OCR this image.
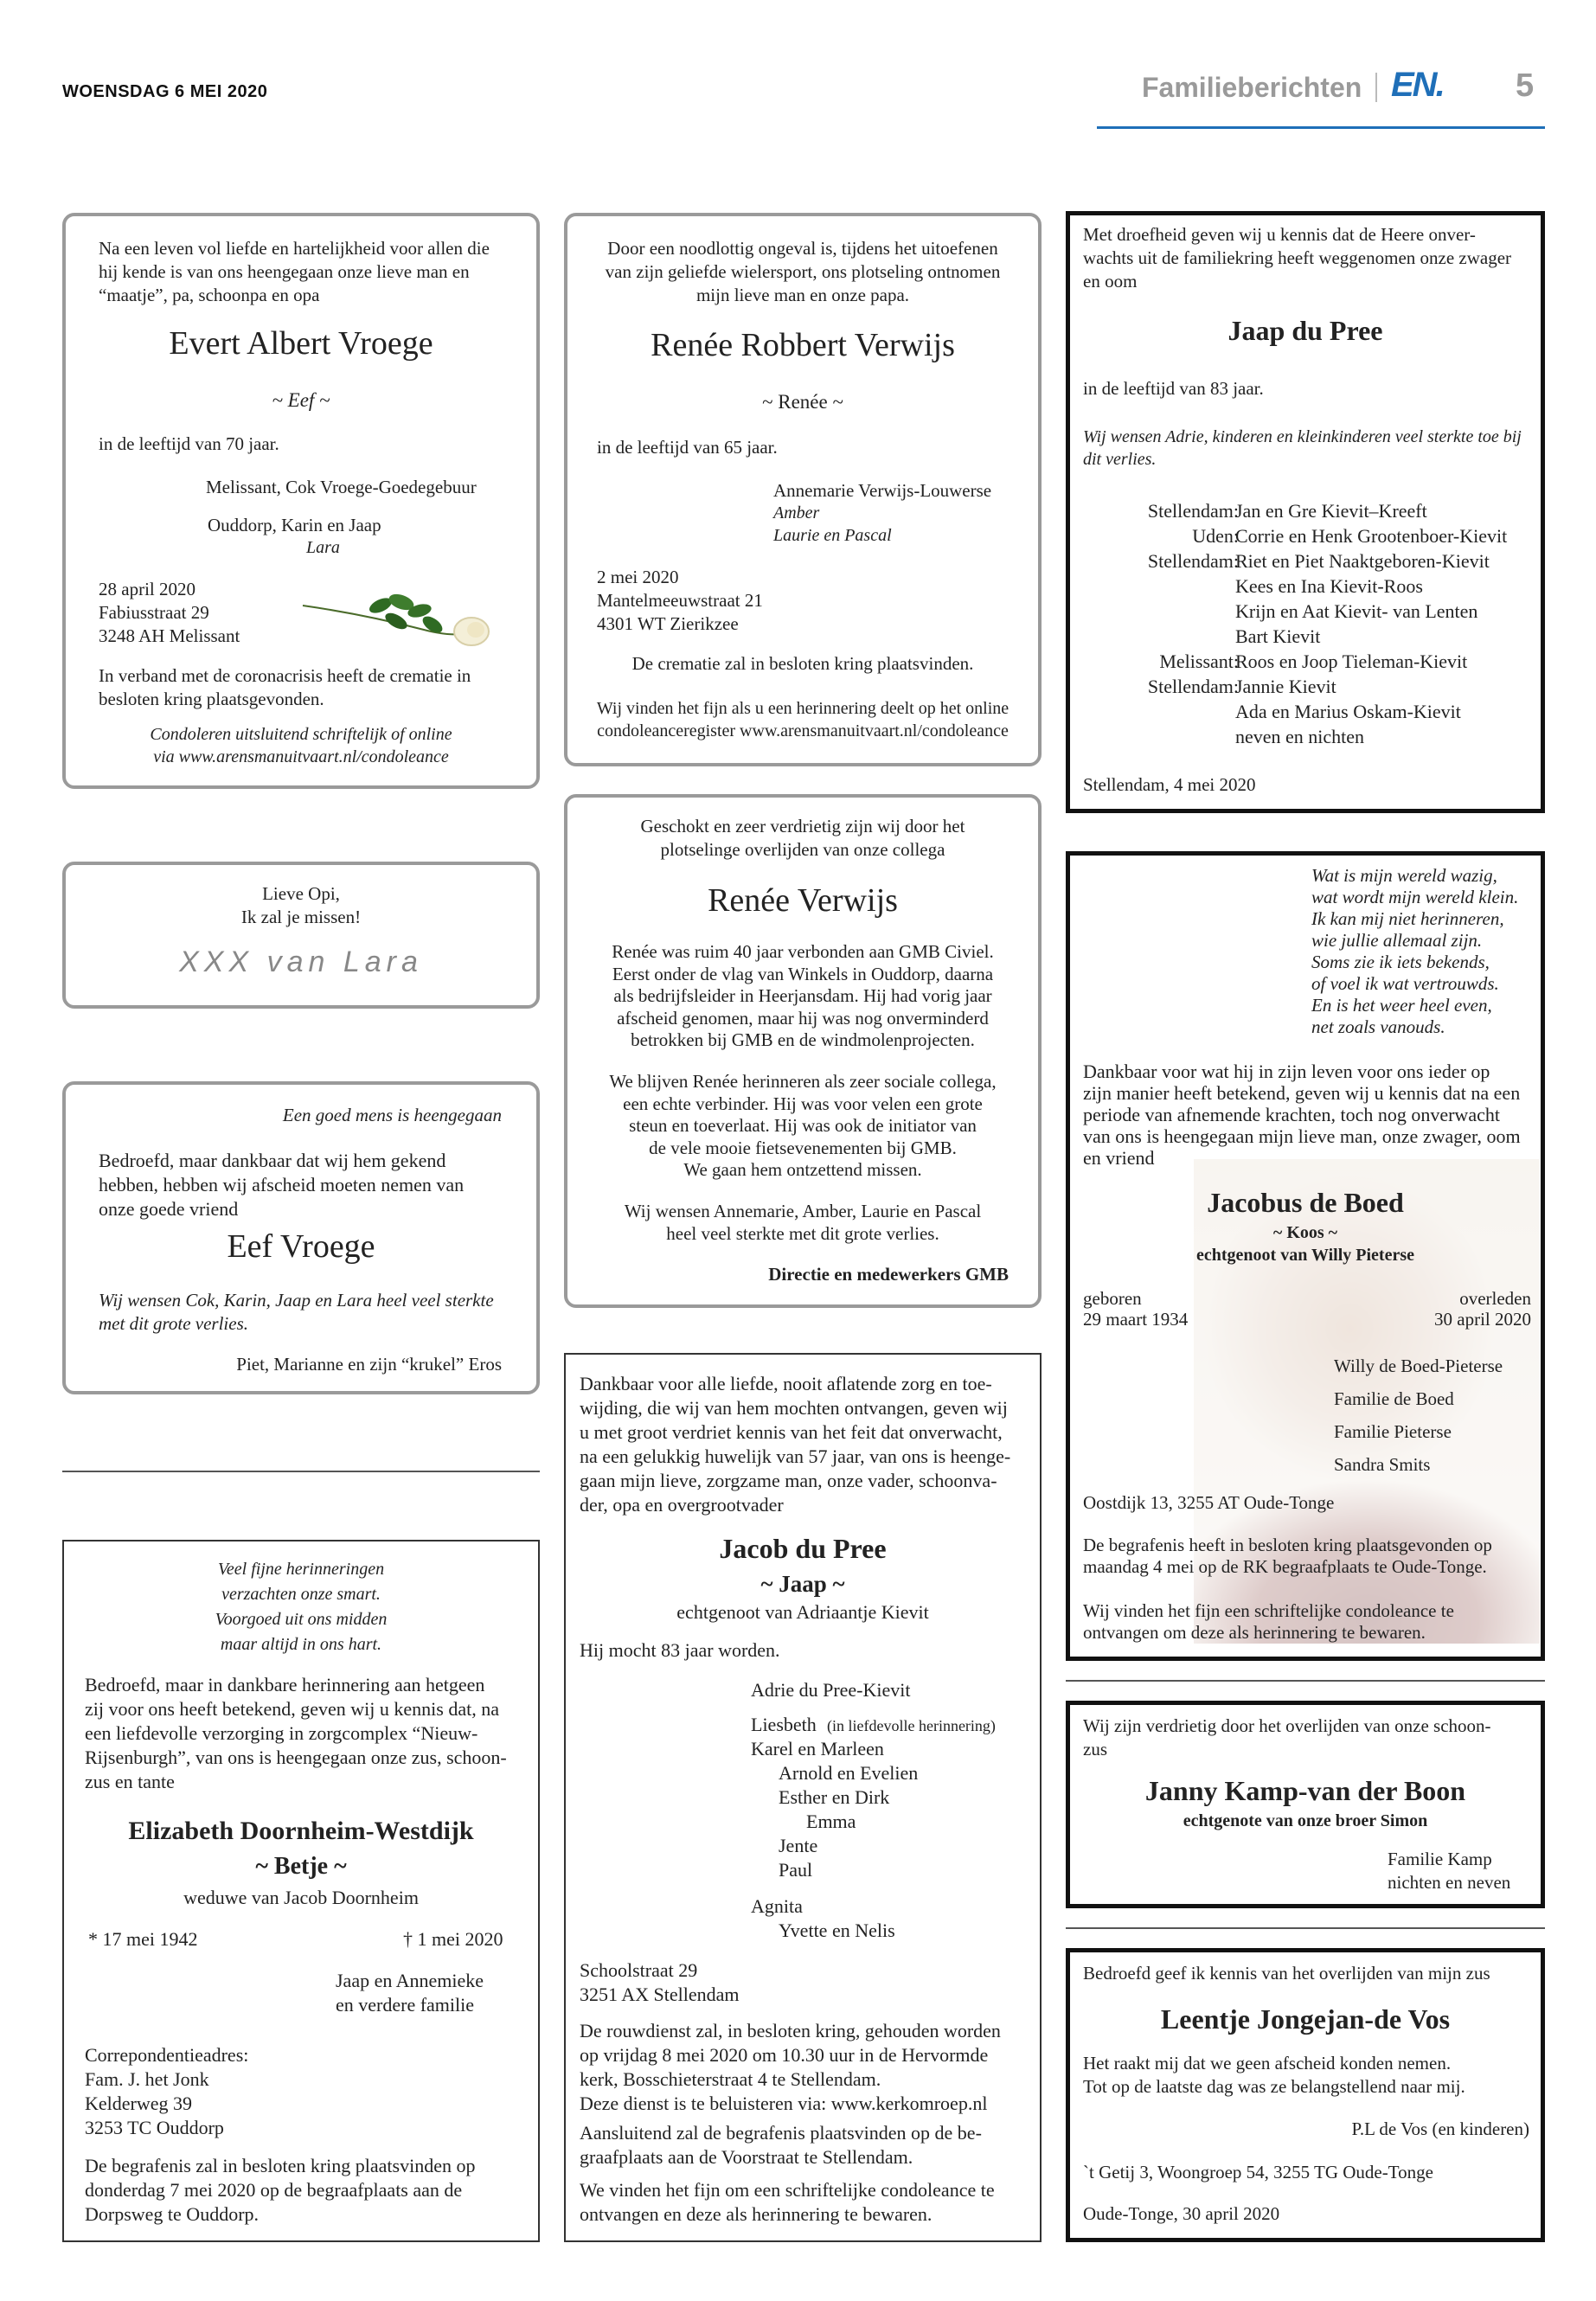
WOENSDAG 6 MEI 2020	Familieberichten EN. 5
Na een leven vol liefde en hartelijkheid voor allen die
hij kende is van ons heengegaan onze lieve man en
“maatje”, pa, schoonpa en opa
Evert Albert Vroege
~ Eef ~
in de leeftijd van 70 jaar.
Melissant, Cok Vroege-Goedegebuur
Ouddorp, Karin en Jaap
Lara
28 april 2020
Fabiusstraat 29
3248 AH Melissant
In verband met de coronacrisis heeft de crematie in
besloten kring plaatsgevonden.
Condoleren uitsluitend schriftelijk of online
via www.arensmanuitvaart.nl/condoleance
Lieve Opi,
Ik zal je missen!
XXX van Lara
Een goed mens is heengegaan
Bedroefd, maar dankbaar dat wij hem gekend
hebben, hebben wij afscheid moeten nemen van
onze goede vriend
Eef Vroege
Wij wensen Cok, Karin, Jaap en Lara heel veel sterkte
met dit grote verlies.
Piet, Marianne en zijn “krukel” Eros
Veel fijne herinneringen
verzachten onze smart.
Voorgoed uit ons midden
maar altijd in ons hart.
Bedroefd, maar in dankbare herinnering aan hetgeen
zij voor ons heeft betekend, geven wij u kennis dat, na
een liefdevolle verzorging in zorgcomplex “Nieuw-
Rijsenburgh”, van ons is heengegaan onze zus, schoon-
zus en tante
Elizabeth Doornheim-Westdijk
~ Betje ~
weduwe van Jacob Doornheim
* 17 mei 1942	† 1 mei 2020
Jaap en Annemieke
en verdere familie
Correpondentieadres:
Fam. J. het Jonk
Kelderweg 39
3253 TC Ouddorp
De begrafenis zal in besloten kring plaatsvinden op
donderdag 7 mei 2020 op de begraafplaats aan de
Dorpsweg te Ouddorp.
Door een noodlottig ongeval is, tijdens het uitoefenen
van zijn geliefde wielersport, ons plotseling ontnomen
mijn lieve man en onze papa.
Renée Robbert Verwijs
~ Renée ~
in de leeftijd van 65 jaar.
Annemarie Verwijs-Louwerse
Amber
Laurie en Pascal
2 mei 2020
Mantelmeeuwstraat 21
4301 WT Zierikzee
De crematie zal in besloten kring plaatsvinden.
Wij vinden het fijn als u een herinnering deelt op het online
condoleanceregister www.arensmanuitvaart.nl/condoleance
Geschokt en zeer verdrietig zijn wij door het
plotselinge overlijden van onze collega
Renée Verwijs
Renée was ruim 40 jaar verbonden aan GMB Civiel.
Eerst onder de vlag van Winkels in Ouddorp, daarna
als bedrijfsleider in Heerjansdam. Hij had vorig jaar
afscheid genomen, maar hij was nog onverminderd
betrokken bij GMB en de windmolenprojecten.
We blijven Renée herinneren als zeer sociale collega,
een echte verbinder. Hij was voor velen een grote
steun en toeverlaat. Hij was ook de initiator van
de vele mooie fietsevenementen bij GMB.
We gaan hem ontzettend missen.
Wij wensen Annemarie, Amber, Laurie en Pascal
heel veel sterkte met dit grote verlies.
Directie en medewerkers GMB
Dankbaar voor alle liefde, nooit aflatende zorg en toe-
wijding, die wij van hem mochten ontvangen, geven wij
u met groot verdriet kennis van het feit dat onverwacht,
na een gelukkig huwelijk van 57 jaar, van ons is heenge-
gaan mijn lieve, zorgzame man, onze vader, schoonva-
der, opa en overgrootvader
Jacob du Pree
~ Jaap ~
echtgenoot van Adriaantje Kievit
Hij mocht 83 jaar worden.
Adrie du Pree-Kievit
Liesbeth (in liefdevolle herinnering)
Karel en Marleen
Arnold en Evelien
Esther en Dirk
Emma
Jente
Paul
Agnita
Yvette en Nelis
Schoolstraat 29
3251 AX Stellendam
De rouwdienst zal, in besloten kring, gehouden worden
op vrijdag 8 mei 2020 om 10.30 uur in de Hervormde
kerk, Bosschieterstraat 4 te Stellendam.
Deze dienst is te beluisteren via: www.kerkomroep.nl
Aansluitend zal de begrafenis plaatsvinden op de be-
graafplaats aan de Voorstraat te Stellendam.
We vinden het fijn om een schriftelijke condoleance te
ontvangen en deze als herinnering te bewaren.
Met droefheid geven wij u kennis dat de Heere onver-
wachts uit de familiekring heeft weggenomen onze zwager
en oom
Jaap du Pree
in de leeftijd van 83 jaar.
Wij wensen Adrie, kinderen en kleinkinderen veel sterkte toe bij
dit verlies.
Stellendam:
Jan en Gre Kievit–Kreeft
Uden:
Corrie en Henk Grootenboer-Kievit
Stellendam:
Riet en Piet Naaktgeboren-Kievit
Kees en Ina Kievit-Roos
Krijn en Aat Kievit- van Lenten
Bart Kievit
Melissant:
Roos en Joop Tieleman-Kievit
Stellendam:
Jannie Kievit
Ada en Marius Oskam-Kievit
neven en nichten
Stellendam, 4 mei 2020
Wat is mijn wereld wazig,
wat wordt mijn wereld klein.
Ik kan mij niet herinneren,
wie jullie allemaal zijn.
Soms zie ik iets bekends,
of voel ik wat vertrouwds.
En is het weer heel even,
net zoals vanouds.
Dankbaar voor wat hij in zijn leven voor ons ieder op
zijn manier heeft betekend, geven wij u kennis dat na een
periode van afnemende krachten, toch nog onverwacht
van ons is heengegaan mijn lieve man, onze zwager, oom
en vriend
Jacobus de Boed
~ Koos ~
echtgenoot van Willy Pieterse
geboren
29 maart 1934
overleden
30 april 2020
Willy de Boed-Pieterse
Familie de Boed
Familie Pieterse
Sandra Smits
Oostdijk 13, 3255 AT Oude-Tonge
De begrafenis heeft in besloten kring plaatsgevonden op
maandag 4 mei op de RK begraafplaats te Oude-Tonge.
Wij vinden het fijn een schriftelijke condoleance te
ontvangen om deze als herinnering te bewaren.
Wij zijn verdrietig door het overlijden van onze schoon-
zus
Janny Kamp-van der Boon
echtgenote van onze broer Simon
Familie Kamp
nichten en neven
Bedroefd geef ik kennis van het overlijden van mijn zus
Leentje Jongejan-de Vos
Het raakt mij dat we geen afscheid konden nemen.
Tot op de laatste dag was ze belangstellend naar mij.
P.L de Vos (en kinderen)
`t Getij 3, Woongroep 54, 3255 TG Oude-Tonge
Oude-Tonge, 30 april 2020
